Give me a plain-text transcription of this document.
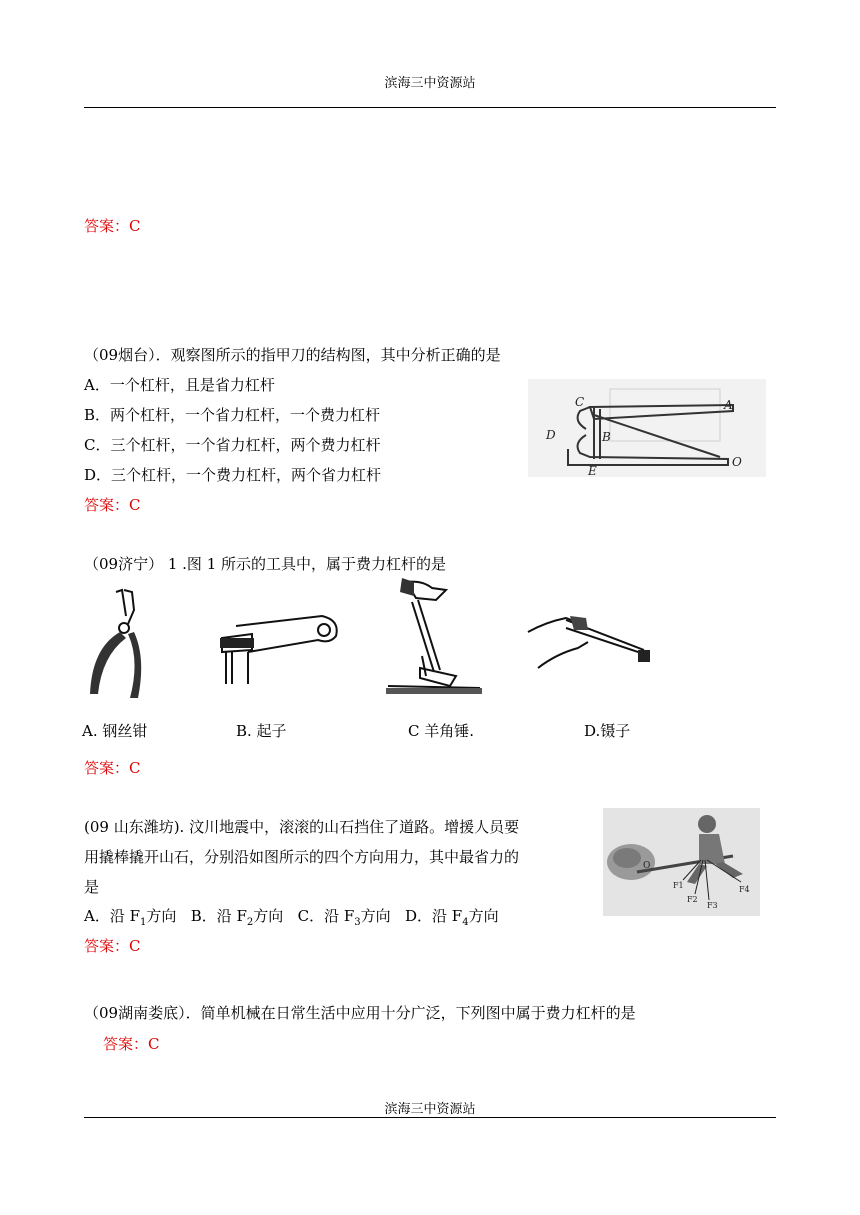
滨海三中资源站
答案：C
（09烟台）．观察图所示的指甲刀的结构图，其中分析正确的是
A．一个杠杆，且是省力杠杆
B．两个杠杆，一个省力杠杆，一个费力杠杆
C．三个杠杆，一个省力杠杆，两个费力杠杆
D．三个杠杆，一个费力杠杆，两个省力杠杆
答案：C
C	A
D	B
E
O
（09济宁） 1 .图 1 所示的工具中，属于费力杠杆的是
A. 钢丝钳	B. 起子	C 羊角锤.	D.镊子
答案：C
(09 山东潍坊). 汶川地震中，滚滚的山石挡住了道路。增援人员要
用撬棒撬开山石，分别沿如图所示的四个方向用力，其中最省力的
是
A．沿 $F_1$方向 B．沿 $F_2$方向 C．沿 $F_3$方向 D．沿 $F_4$方向
答案：C
O
F1
F2
F3
F4
（09湖南娄底）．简单机械在日常生活中应用十分广泛，下列图中属于费力杠杆的是
答案：C
滨海三中资源站
